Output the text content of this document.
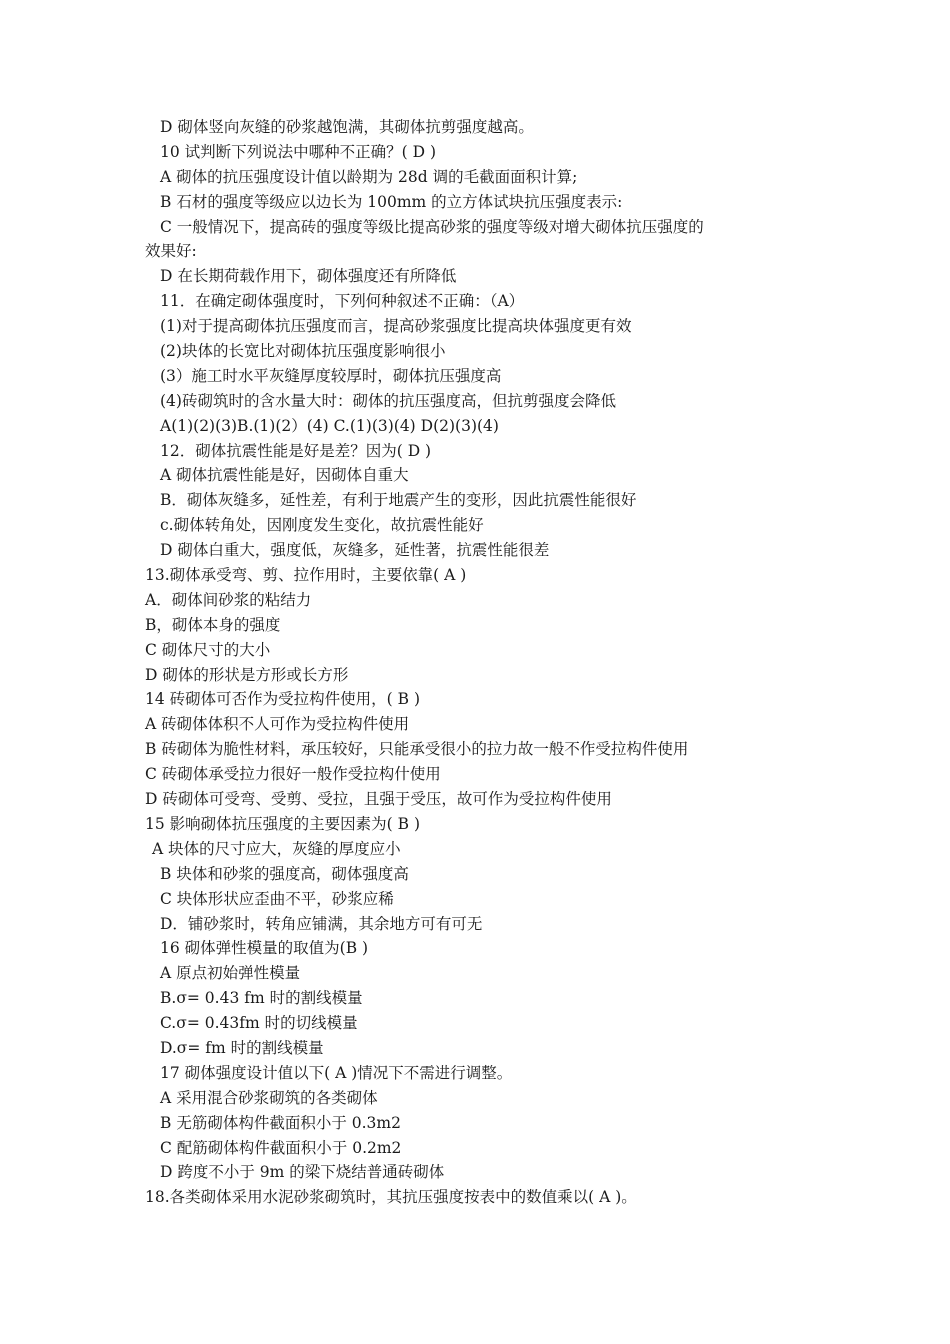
D 砌体竖向灰缝的砂浆越饱满，其砌体抗剪强度越高。
10 试判断下列说法中哪种不正确？( D )
A 砌体的抗压强度设计值以龄期为 28d 调的毛截面面积计算;
B 石材的强度等级应以边长为 100mm 的立方体试块抗压强度表示:
C 一般情况下，提高砖的强度等级比提高砂浆的强度等级对增大砌体抗压强度的
效果好:
D 在长期荷载作用下，砌体强度还有所降低
11．在确定砌体强度时，下列何种叙述不正确：（A）
(1)对于提高砌体抗压强度而言，提高砂浆强度比提高块体强度更有效
(2)块体的长宽比对砌体抗压强度影响很小
(3）施工时水平灰缝厚度较厚时，砌体抗压强度高
(4)砖砌筑时的含水量大时：砌体的抗压强度高，但抗剪强度会降低
A(1)(2)(3)B.(1)(2）(4) C.(1)(3)(4) D(2)(3)(4)
12．砌体抗震性能是好是差？因为( D )
A 砌体抗震性能是好，因砌体自重大
B．砌体灰缝多，延性差，有利于地震产生的变形，因此抗震性能很好
c.砌体转角处，因刚度发生变化，故抗震性能好
D 砌体白重大，强度低，灰缝多，延性著，抗震性能很差
13.砌体承受弯、剪、拉作用时，主要依靠( A )
A．砌体间砂浆的粘结力
B，砌体本身的强度
C 砌体尺寸的大小
D 砌体的形状是方形或长方形
14 砖砌体可否作为受拉构件使用，( B )
A 砖砌体体积不人可作为受拉构件使用
B 砖砌体为脆性材料，承压较好，只能承受很小的拉力故一般不作受拉构件使用
C 砖砌体承受拉力很好一般作受拉构什使用
D 砖砌体可受弯、受剪、受拉，且强于受压，故可作为受拉构件使用
15 影响砌体抗压强度的主要因素为( B )
A 块体的尺寸应大，灰缝的厚度应小
B 块体和砂浆的强度高，砌体强度高
C 块体形状应歪曲不平，砂浆应稀
D．铺砂浆时，转角应铺满，其余地方可有可无
16 砌体弹性模量的取值为(B )
A 原点初始弹性模量
B.σ= 0.43 fm 时的割线模量
C.σ= 0.43fm 时的切线模量
D.σ= fm 时的割线模量
17 砌体强度设计值以下( A )情况下不需进行调整。
A 采用混合砂浆砌筑的各类砌体
B 无筋砌体构件截面积小于 0.3m2
C 配筋砌体构件截面积小于 0.2m2
D 跨度不小于 9m 的梁下烧结普通砖砌体
18.各类砌体采用水泥砂浆砌筑时，其抗压强度按表中的数值乘以( A )。
